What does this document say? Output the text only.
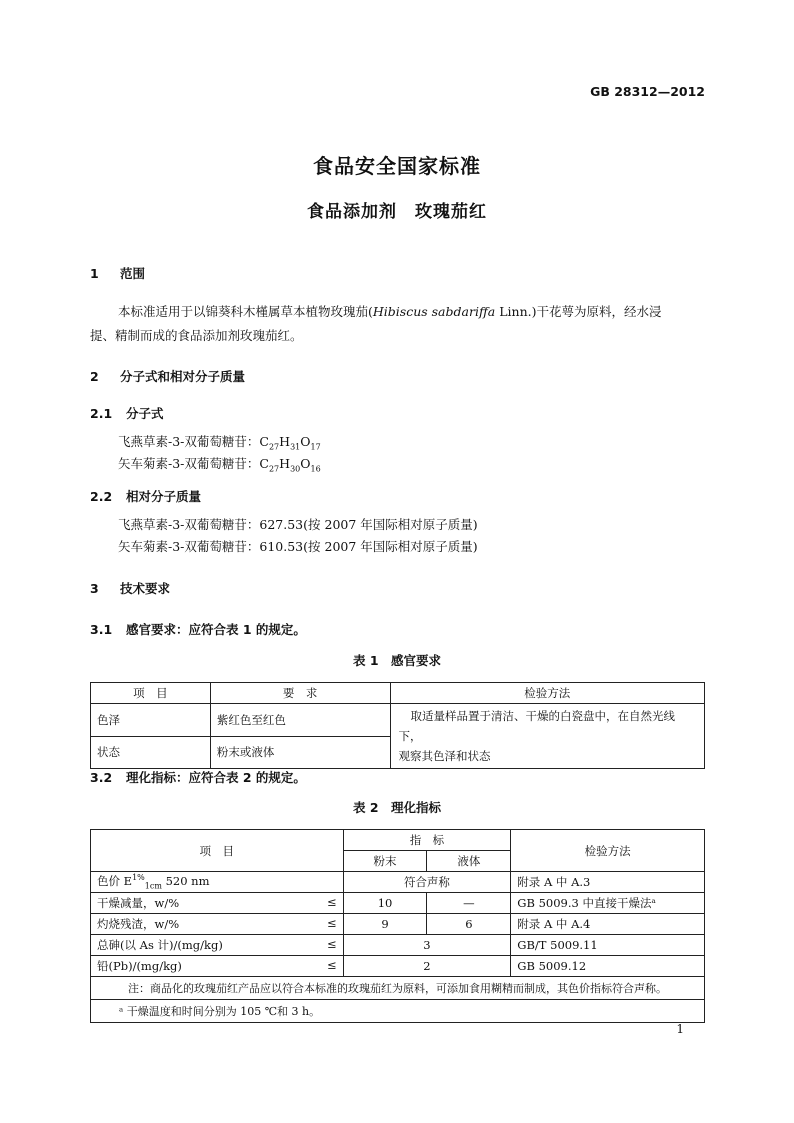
GB 28312—2012
食品安全国家标准
食品添加剂　玫瑰茄红
1 范围
本标准适用于以锦葵科木槿属草本植物玫瑰茄(Hibiscus sabdariffa Linn.)干花萼为原料，经水浸
提、精制而成的食品添加剂玫瑰茄红。
2 分子式和相对分子质量
2.1 分子式
飞燕草素-3-双葡萄糖苷：$C_{27}H_{31}O_{17}$
矢车菊素-3-双葡萄糖苷：$C_{27}H_{30}O_{16}$
2.2 相对分子质量
飞燕草素-3-双葡萄糖苷：627.53(按 2007 年国际相对原子质量)
矢车菊素-3-双葡萄糖苷：610.53(按 2007 年国际相对原子质量)
3 技术要求
3.1 感官要求：应符合表 1 的规定。
表 1　感官要求
项　目	要　求	检验方法
色泽	紫红色至红色	取适量样品置于清洁、干燥的白瓷盘中，在自然光线下，
观察其色泽和状态

状态	粉末或液体	
3.2 理化指标：应符合表 2 的规定。
表 2　理化指标
项　目	指　标		检验方法
	粉末	液体	
色价 $E^{1\%}_{1cm}$ 520 nm	符合声称		附录 A 中 A.3
干燥减量，w/% ≤	10	—	GB 5009.3 中直接干燥法ᵃ
灼烧残渣，w/% ≤	9	6	附录 A 中 A.4
总砷(以 As 计)/(mg/kg) ≤	3		GB/T 5009.11
铅(Pb)/(mg/kg) ≤	2		GB 5009.12
注：商品化的玫瑰茄红产品应以符合本标准的玫瑰茄红为原料，可添加食用糊精而制成，其色价指标符合声称。			
ᵃ 干燥温度和时间分别为 105 ℃和 3 h。			
1
